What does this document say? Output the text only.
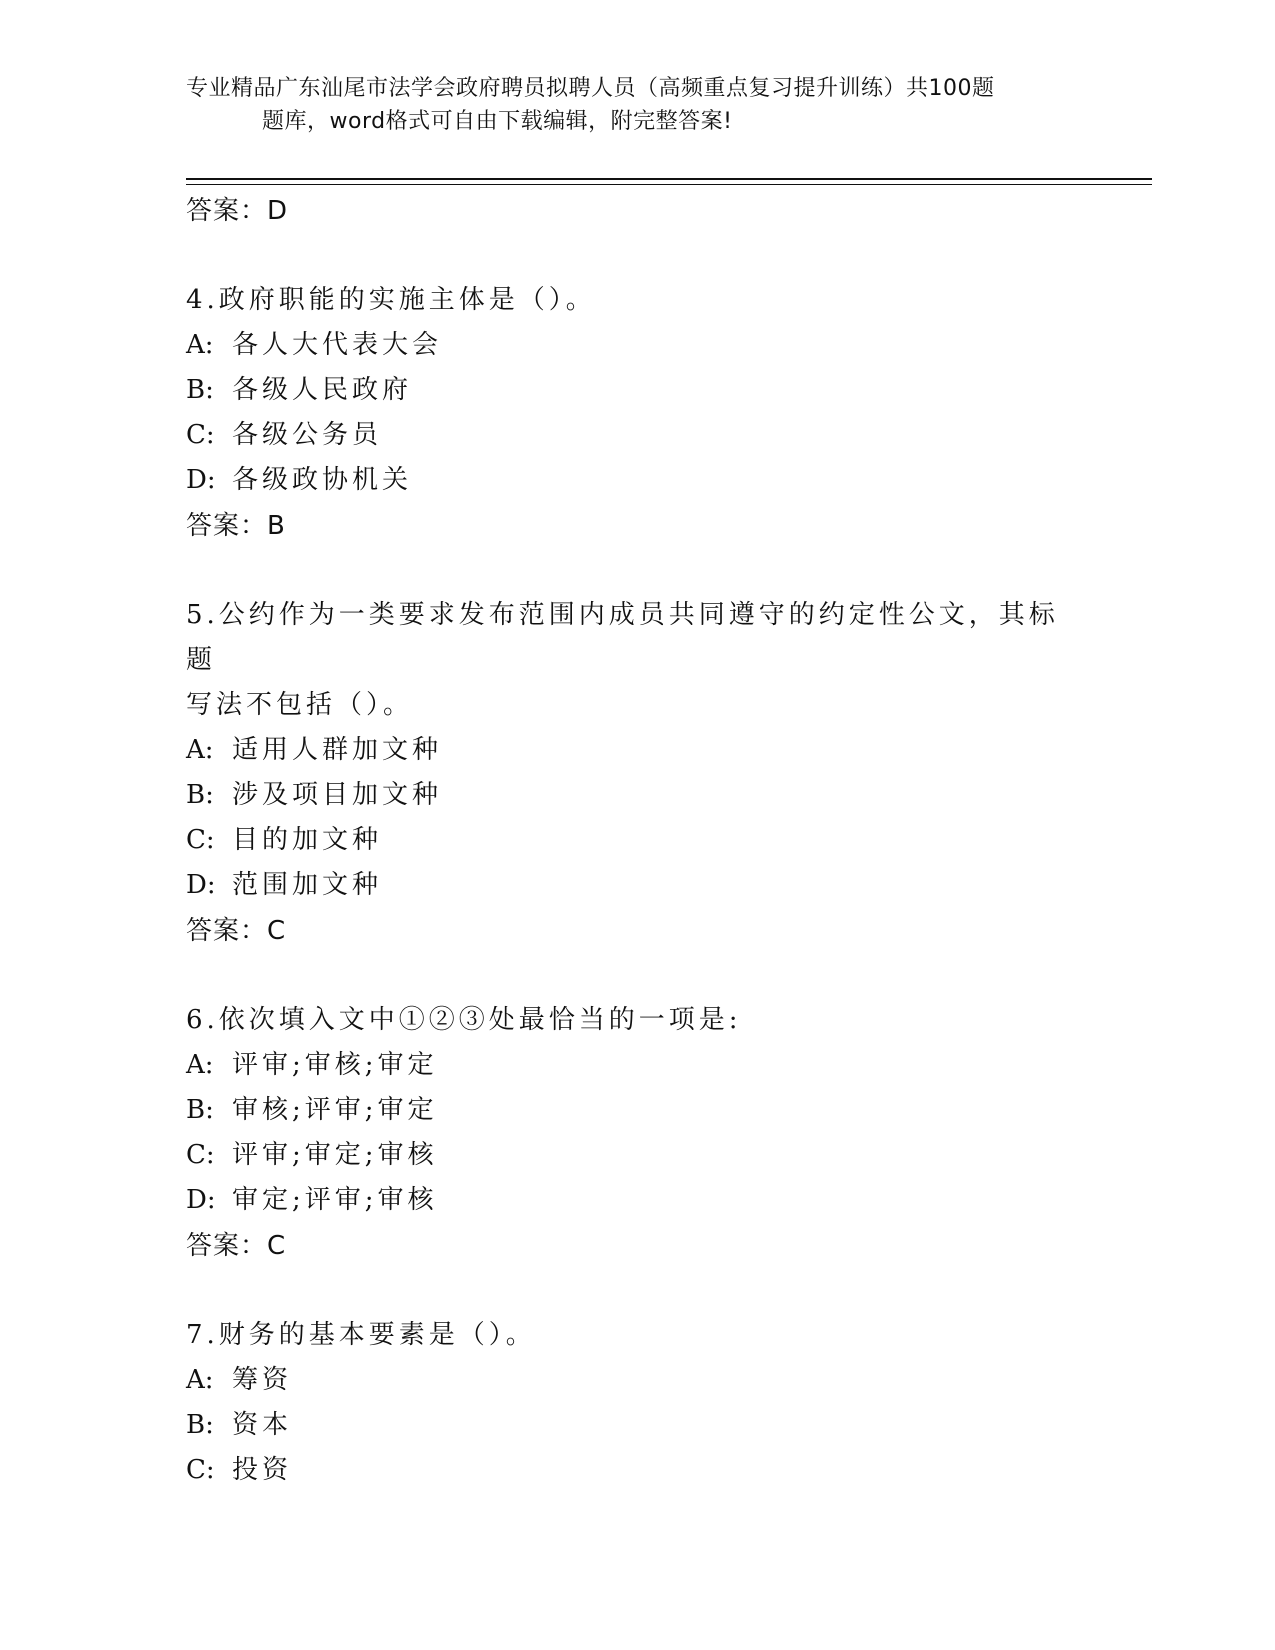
专业精品广东汕尾市法学会政府聘员拟聘人员（高频重点复习提升训练）共100题
题库，word格式可自由下载编辑，附完整答案!
答案：D
4.政府职能的实施主体是（）。
A: 各人大代表大会
B: 各级人民政府
C: 各级公务员
D: 各级政协机关
答案：B
5.公约作为一类要求发布范围内成员共同遵守的约定性公文，其标题
写法不包括（）。
A: 适用人群加文种
B: 涉及项目加文种
C: 目的加文种
D: 范围加文种
答案：C
6.依次填入文中①②③处最恰当的一项是:
A: 评审;审核;审定
B: 审核;评审;审定
C: 评审;审定;审核
D: 审定;评审;审核
答案：C
7.财务的基本要素是（）。
A: 筹资
B: 资本
C: 投资
